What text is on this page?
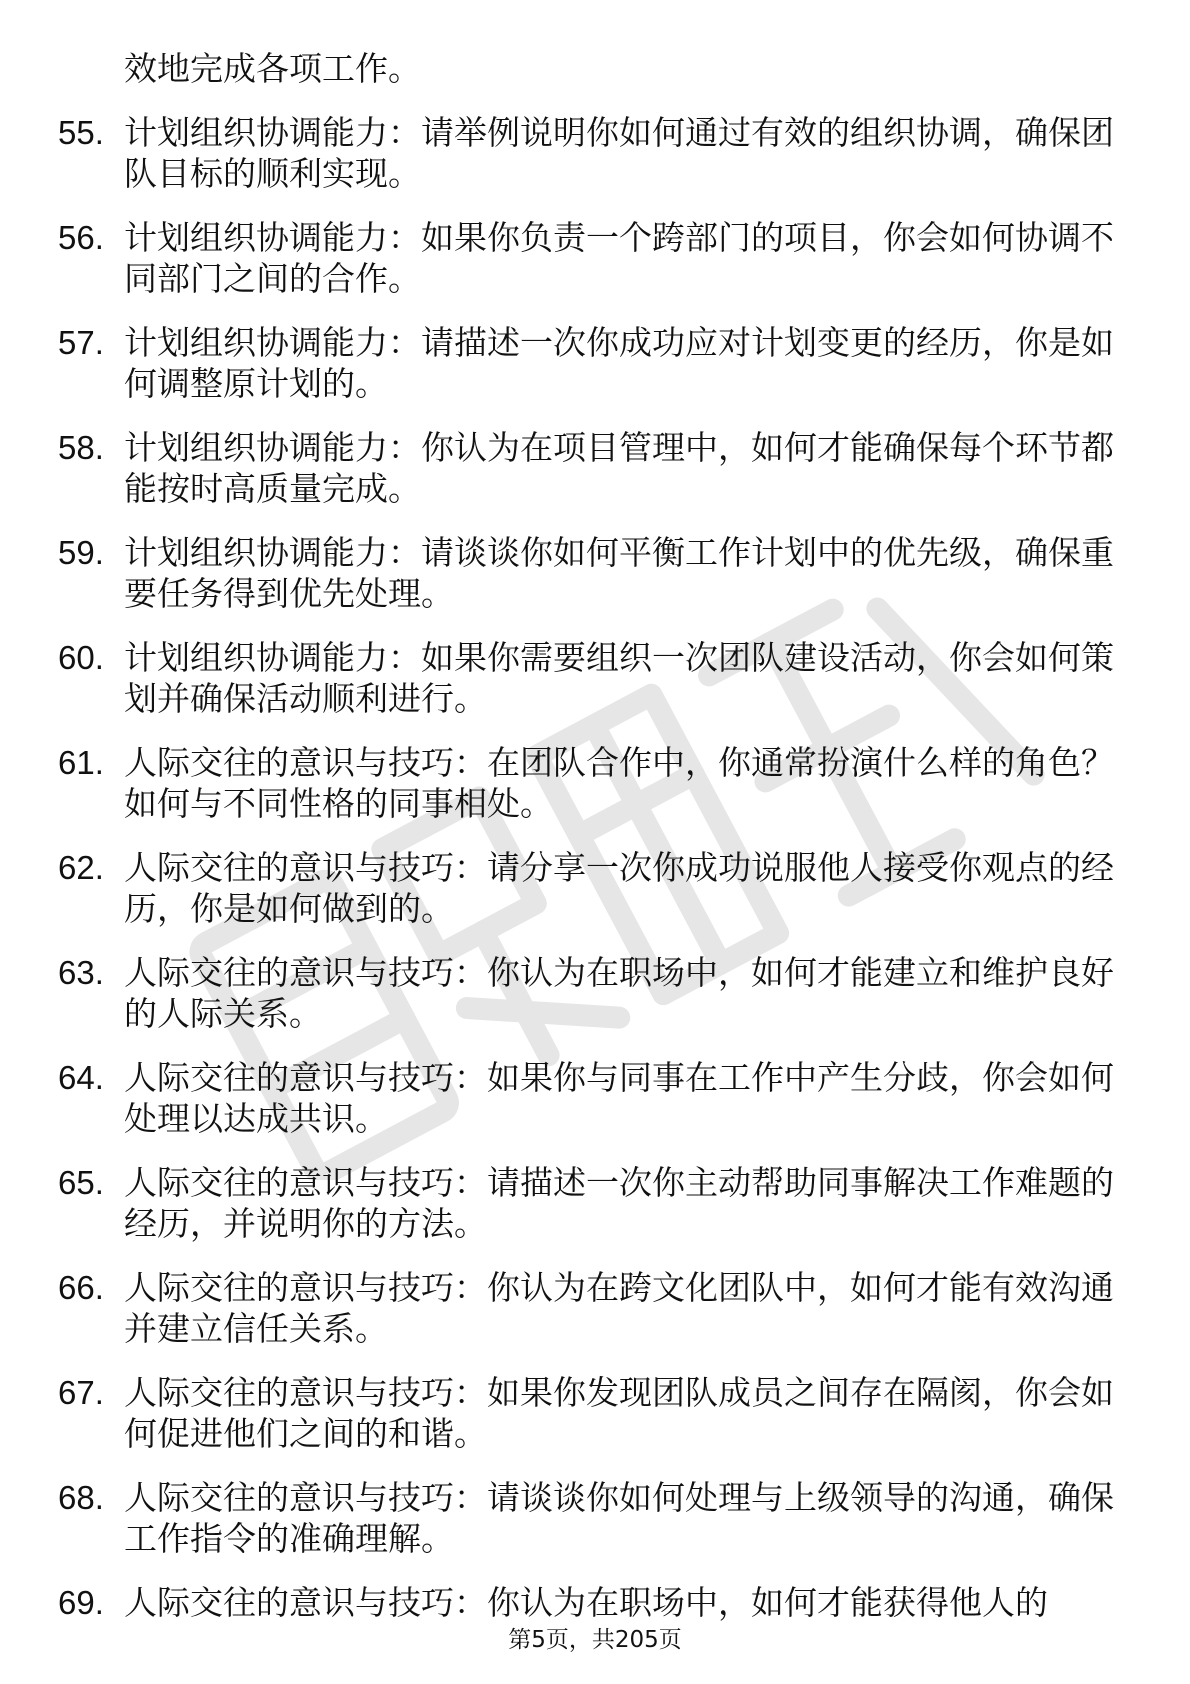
效地完成各项工作。
55. 计划组织协调能力：请举例说明你如何通过有效的组织协调，确保团队目标的顺利实现。
56. 计划组织协调能力：如果你负责一个跨部门的项目，你会如何协调不同部门之间的合作。
57. 计划组织协调能力：请描述一次你成功应对计划变更的经历，你是如何调整原计划的。
58. 计划组织协调能力：你认为在项目管理中，如何才能确保每个环节都能按时高质量完成。
59. 计划组织协调能力：请谈谈你如何平衡工作计划中的优先级，确保重要任务得到优先处理。
60. 计划组织协调能力：如果你需要组织一次团队建设活动，你会如何策划并确保活动顺利进行。
61. 人际交往的意识与技巧：在团队合作中，你通常扮演什么样的角色？如何与不同性格的同事相处。
62. 人际交往的意识与技巧：请分享一次你成功说服他人接受你观点的经历，你是如何做到的。
63. 人际交往的意识与技巧：你认为在职场中，如何才能建立和维护良好的人际关系。
64. 人际交往的意识与技巧：如果你与同事在工作中产生分歧，你会如何处理以达成共识。
65. 人际交往的意识与技巧：请描述一次你主动帮助同事解决工作难题的经历，并说明你的方法。
66. 人际交往的意识与技巧：你认为在跨文化团队中，如何才能有效沟通并建立信任关系。
67. 人际交往的意识与技巧：如果你发现团队成员之间存在隔阂，你会如何促进他们之间的和谐。
68. 人际交往的意识与技巧：请谈谈你如何处理与上级领导的沟通，确保工作指令的准确理解。
69. 人际交往的意识与技巧：你认为在职场中，如何才能获得他人的
第5页，共205页
